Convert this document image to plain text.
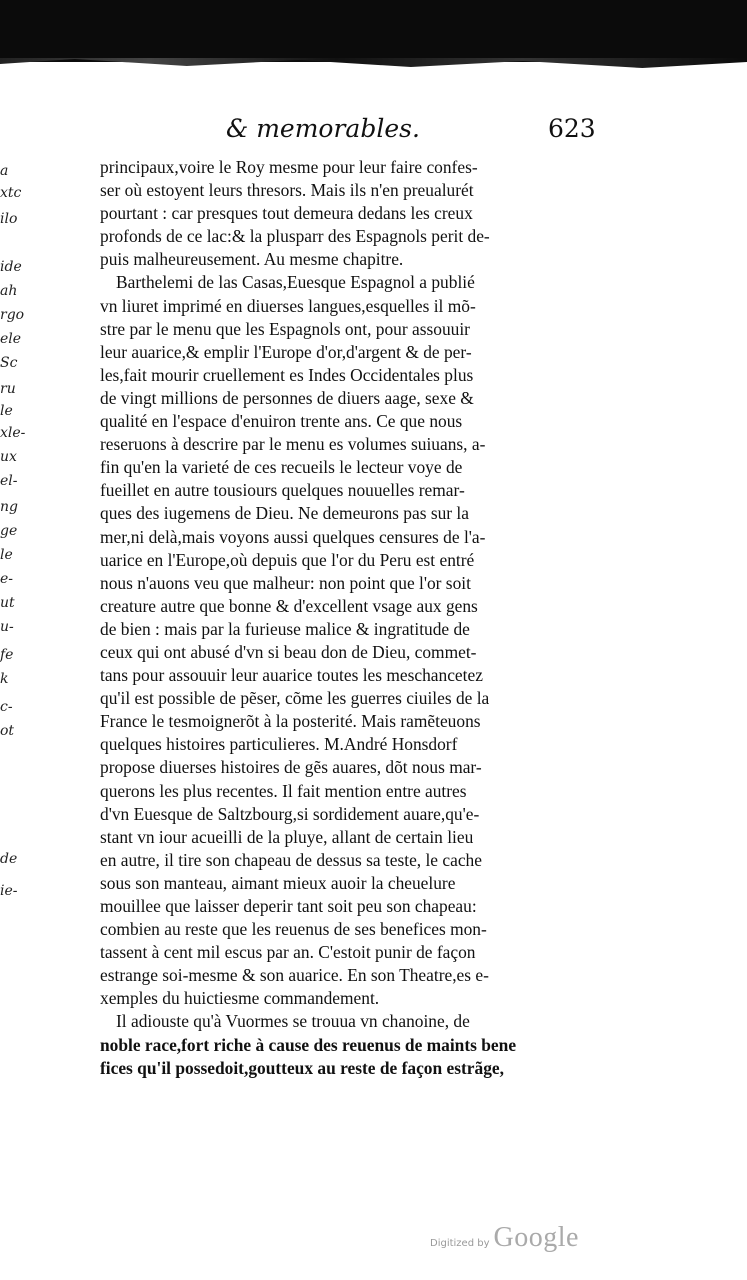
a
xtc
ilo
ide
ah
rgo
ele
Sc
ru
le
xle-
ux
el-
ng
ge
le
e-
ut
u-
fe
k
c-
ot
de
ie-
& memorables.	623
principaux,voire le Roy mesme pour leur faire confes-
ser où estoyent leurs thresors. Mais ils n'en preualurét
pourtant : car presques tout demeura dedans les creux
profonds de ce lac:& la plusparr des Espagnols perit de-
puis malheureusement. Au mesme chapitre.
Barthelemi de las Casas,Euesque Espagnol a publié
vn liuret imprimé en diuerses langues,esquelles il mõ-
stre par le menu que les Espagnols ont, pour assouuir
leur auarice,& emplir l'Europe d'or,d'argent & de per-
les,fait mourir cruellement es Indes Occidentales plus
de vingt millions de personnes de diuers aage, sexe &
qualité en l'espace d'enuiron trente ans. Ce que nous
reseruons à descrire par le menu es volumes suiuans, a-
fin qu'en la varieté de ces recueils le lecteur voye de
fueillet en autre tousiours quelques nouuelles remar-
ques des iugemens de Dieu. Ne demeurons pas sur la
mer,ni delà,mais voyons aussi quelques censures de l'a-
uarice en l'Europe,où depuis que l'or du Peru est entré
nous n'auons veu que malheur: non point que l'or soit
creature autre que bonne & d'excellent vsage aux gens
de bien : mais par la furieuse malice & ingratitude de
ceux qui ont abusé d'vn si beau don de Dieu, commet-
tans pour assouuir leur auarice toutes les meschancetez
qu'il est possible de pẽser, cõme les guerres ciuiles de la
France le tesmoignerõt à la posterité. Mais ramẽteuons
quelques histoires particulieres. M.André Honsdorf
propose diuerses histoires de gẽs auares, dõt nous mar-
querons les plus recentes. Il fait mention entre autres
d'vn Euesque de Saltzbourg,si sordidement auare,qu'e-
stant vn iour acueilli de la pluye, allant de certain lieu
en autre, il tire son chapeau de dessus sa teste, le cache
sous son manteau, aimant mieux auoir la cheuelure
mouillee que laisser deperir tant soit peu son chapeau:
combien au reste que les reuenus de ses benefices mon-
tassent à cent mil escus par an. C'estoit punir de façon
estrange soi-mesme & son auarice. En son Theatre,es e-
xemples du huictiesme commandement.
Il adiouste qu'à Vuormes se trouua vn chanoine, de
noble race,fort riche à cause des reuenus de maints bene
fices qu'il possedoit,goutteux au reste de façon estrãge,
Digitized by Google
